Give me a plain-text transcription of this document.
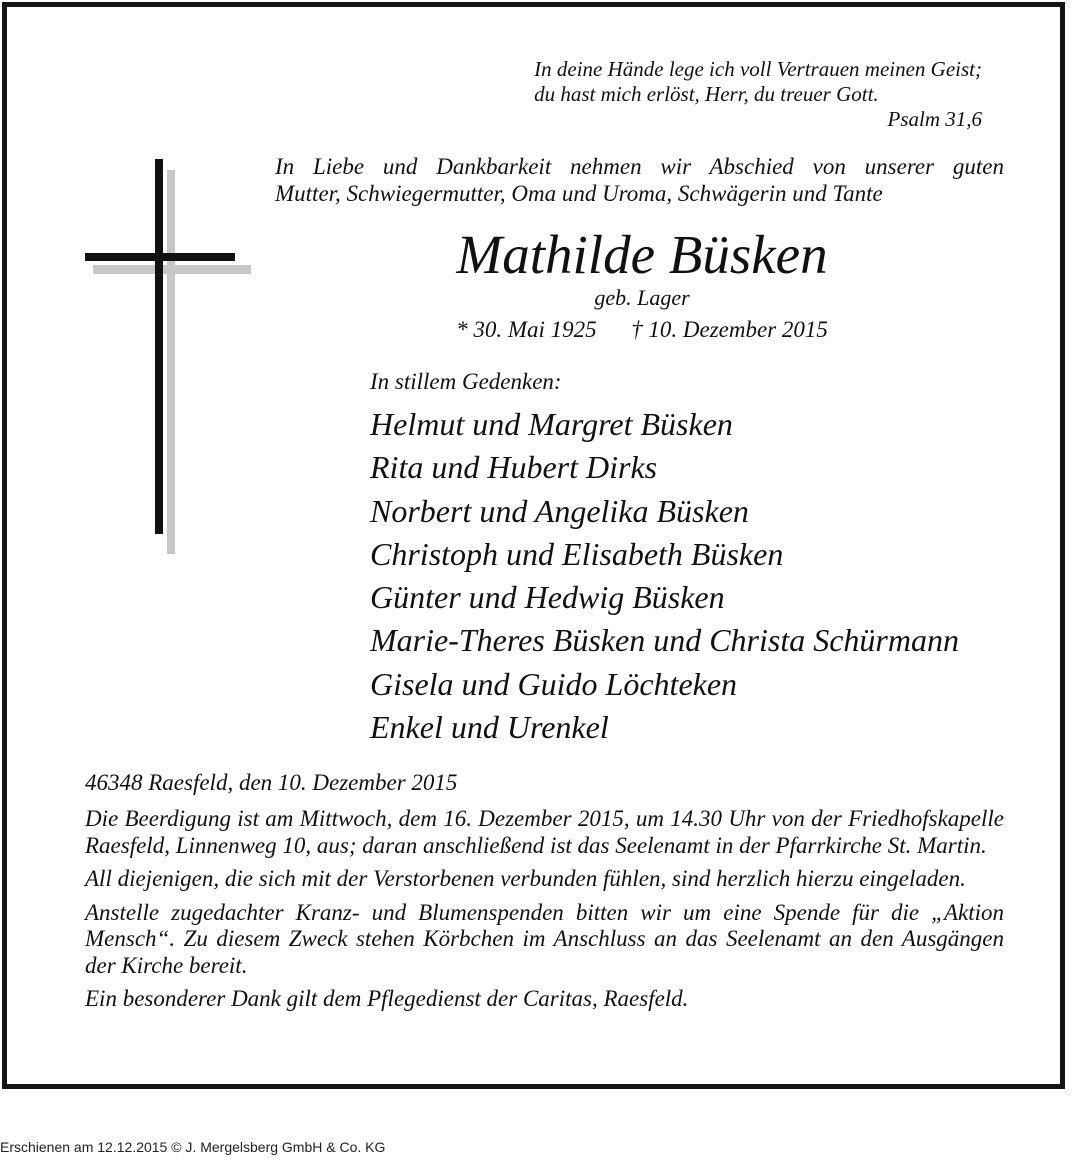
In deine Hände lege ich voll Vertrauen meinen Geist;
du hast mich erlöst, Herr, du treuer Gott.
Psalm 31,6
In Liebe und Dankbarkeit nehmen wir Abschied von unserer guten
Mutter, Schwiegermutter, Oma und Uroma, Schwägerin und Tante
Mathilde Büsken
geb. Lager
* 30. Mai 1925 † 10. Dezember 2015
In stillem Gedenken:
Helmut und Margret Büsken
Rita und Hubert Dirks
Norbert und Angelika Büsken
Christoph und Elisabeth Büsken
Günter und Hedwig Büsken
Marie-Theres Büsken und Christa Schürmann
Gisela und Guido Löchteken
Enkel und Urenkel
46348 Raesfeld, den 10. Dezember 2015

Die Beerdigung ist am Mittwoch, dem 16. Dezember 2015, um 14.30 Uhr von der Friedhofskapelle Raesfeld, Linnenweg 10, aus; daran anschließend ist das Seelenamt in der Pfarrkirche St. Martin.

All diejenigen, die sich mit der Verstorbenen verbunden fühlen, sind herzlich hierzu eingeladen.

Anstelle zugedachter Kranz- und Blumenspenden bitten wir um eine Spende für die „Aktion Mensch“. Zu diesem Zweck stehen Körbchen im Anschluss an das Seelenamt an den Ausgängen der Kirche bereit.

Ein besonderer Dank gilt dem Pflegedienst der Caritas, Raesfeld.

Erschienen am 12.12.2015 © J. Mergelsberg GmbH & Co. KG
